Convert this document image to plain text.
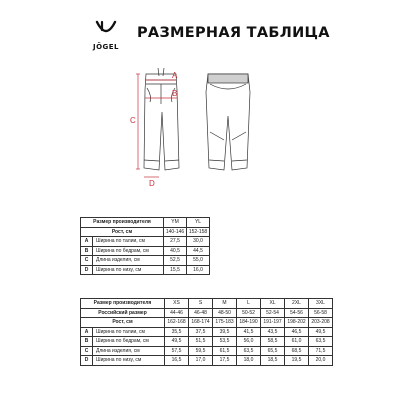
JÖGEL
РАЗМЕРНАЯ ТАБЛИЦА
A
B
C
D
Размер производителя		YM	YL
Рост, см		140-146	152-158
A	Ширина по талии, см	27,5	30,0
B	Ширина по бедрам, см	40,5	44,5
C	Длина изделия, см	52,5	55,0
D	Ширина по низу, см	15,5	16,0
Размер производителя		XS	S	M	L	XL	2XL	3XL
Российский размер		44-46	46-48	48-50	50-52	52-54	54-56	56-58
Рост, см		162-168	168-174	175-183	184-190	191-197	198-202	203-208
A	Ширина по талии, см	35,5	37,5	39,5	41,5	43,5	46,5	49,5
B	Ширина по бедрам, см	49,5	51,5	53,5	56,0	58,5	61,0	63,5
C	Длина изделия, см	57,5	59,5	61,5	63,5	65,5	68,5	71,5
D	Ширина по низу, см	16,5	17,0	17,5	18,0	18,5	19,5	20,0
